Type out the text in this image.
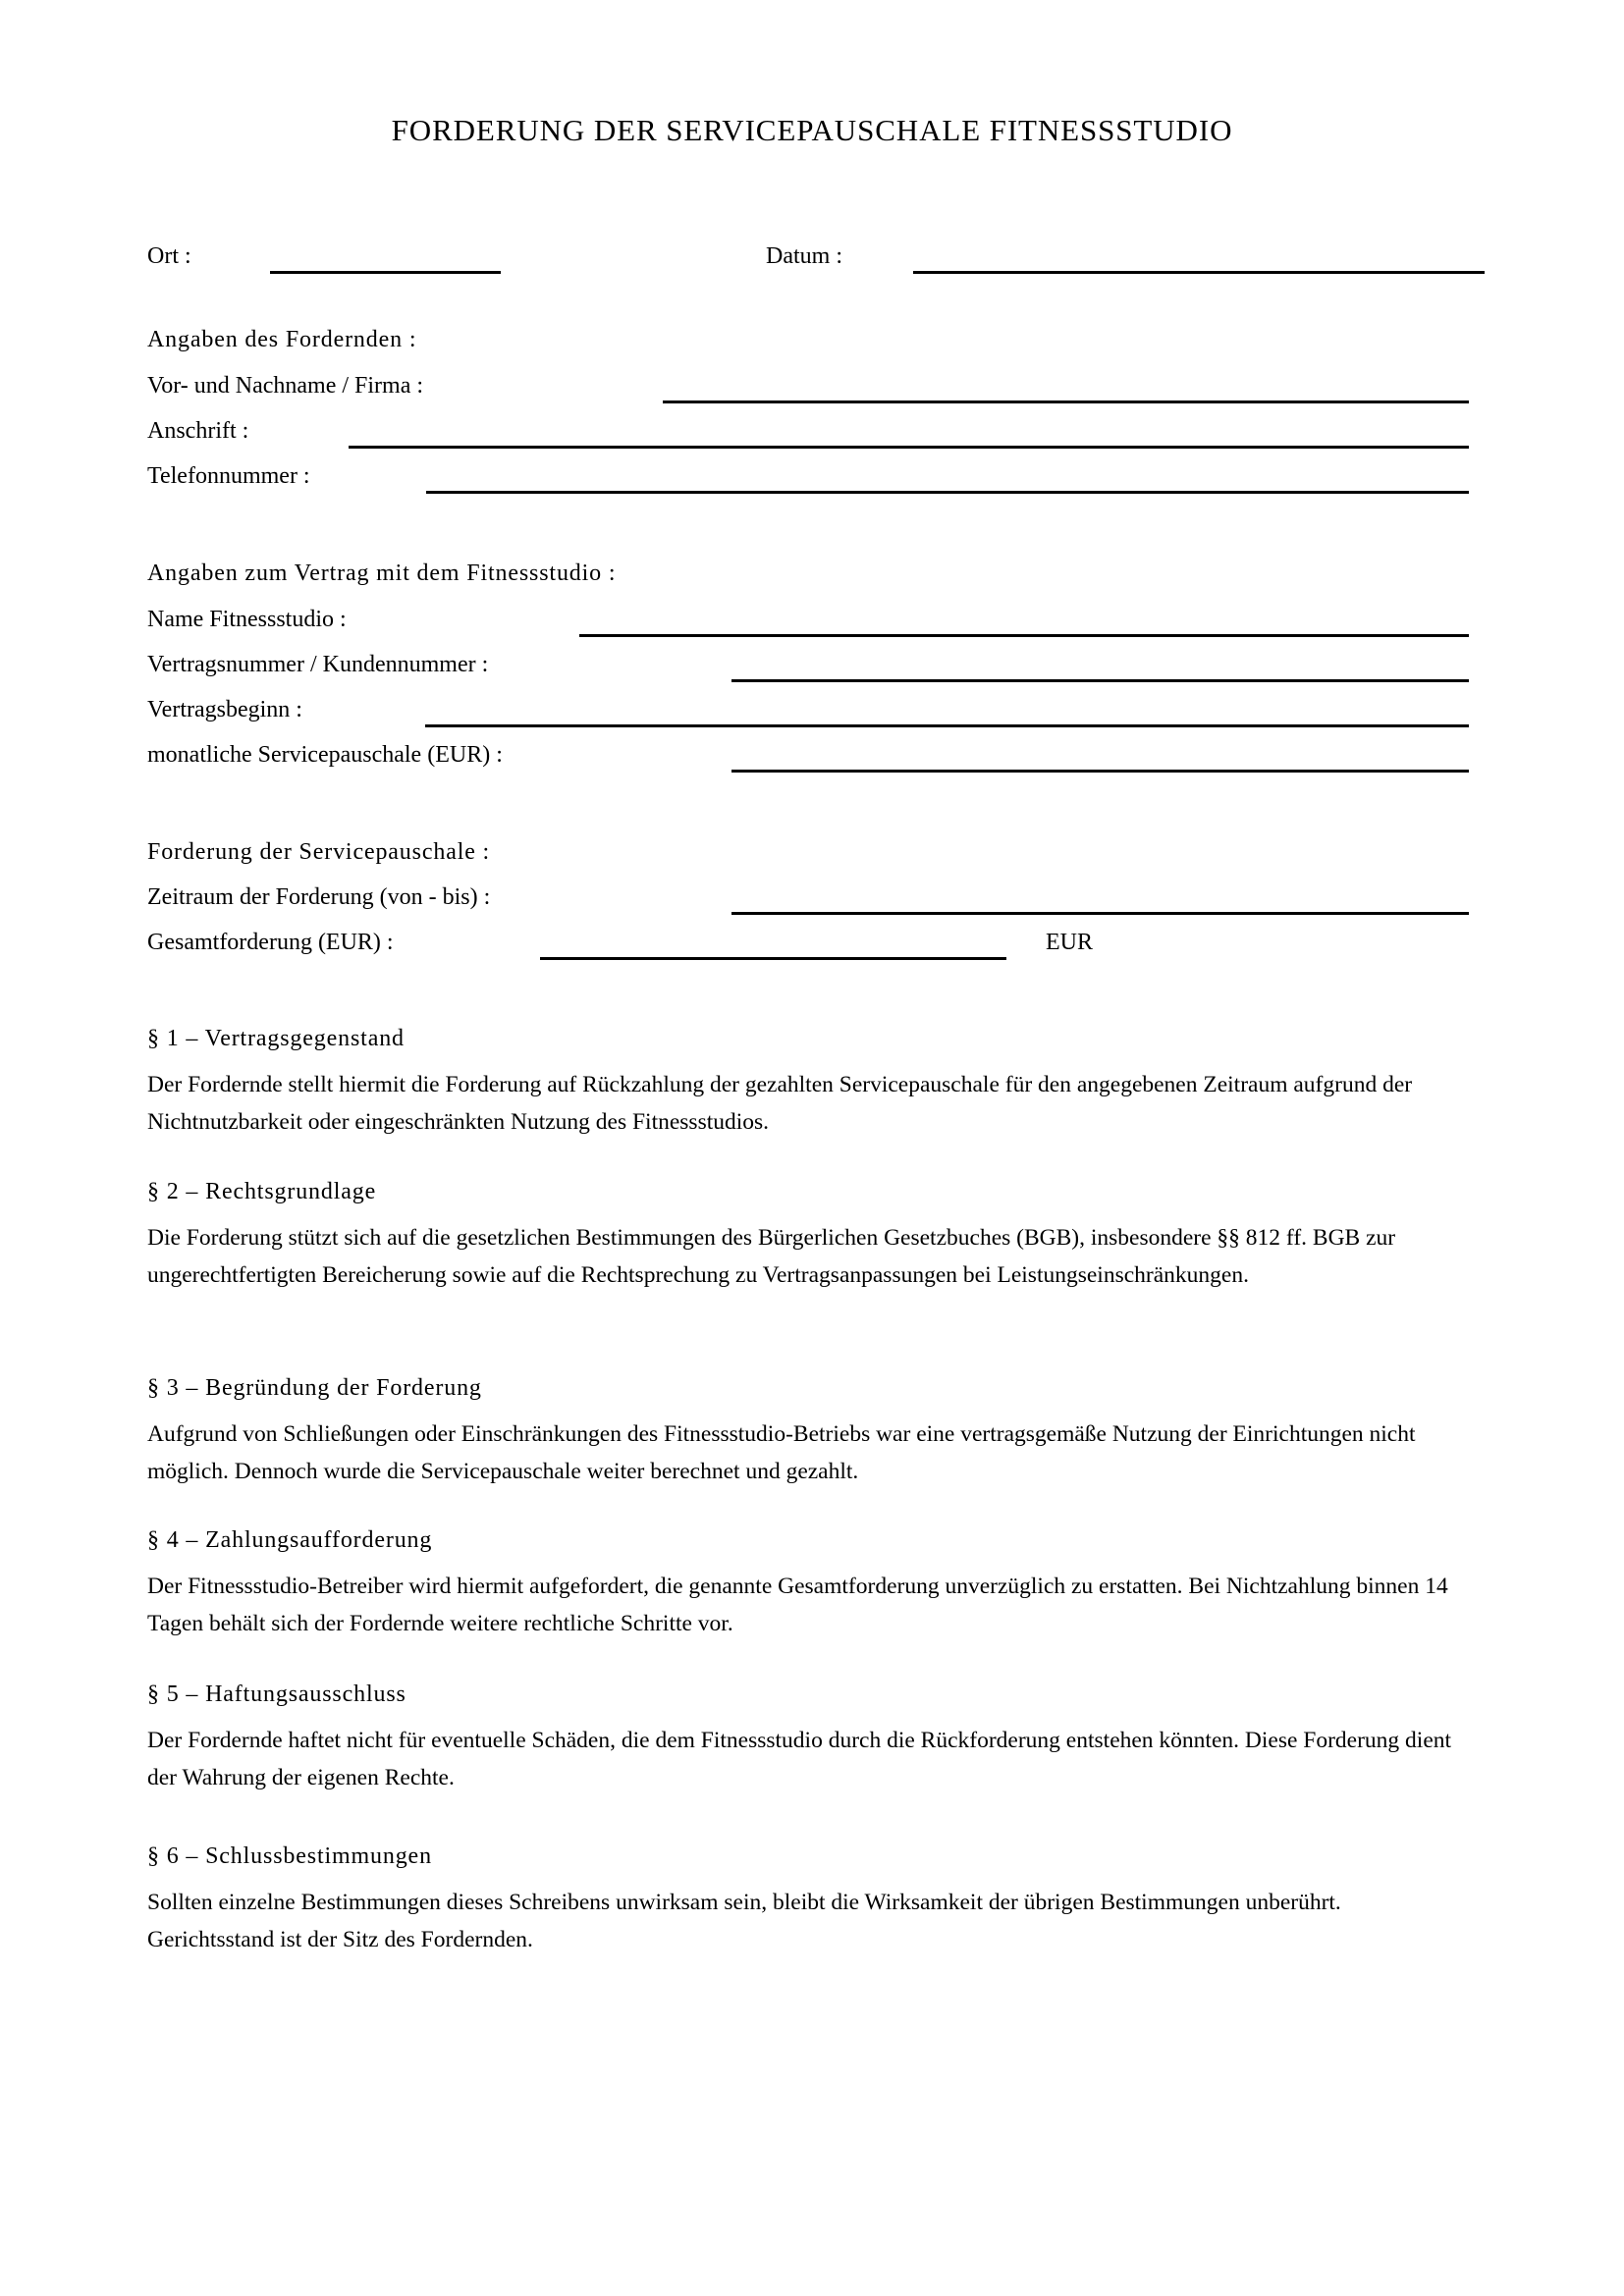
FORDERUNG DER SERVICEPAUSCHALE FITNESSSTUDIO
Ort :	Datum :
Angaben des Fordernden :
Vor- und Nachname / Firma :
Anschrift :
Telefonnummer :
Angaben zum Vertrag mit dem Fitnessstudio :
Name Fitnessstudio :
Vertragsnummer / Kundennummer :
Vertragsbeginn :
monatliche Servicepauschale (EUR) :
Forderung der Servicepauschale :
Zeitraum der Forderung (von - bis) :
Gesamtforderung (EUR) :	EUR

§ 1 – Vertragsgegenstand

Der Fordernde stellt hiermit die Forderung auf Rückzahlung der gezahlten Servicepauschale für den angegebenen Zeitraum aufgrund der Nichtnutzbarkeit oder eingeschränkten Nutzung des Fitnessstudios.

§ 2 – Rechtsgrundlage

Die Forderung stützt sich auf die gesetzlichen Bestimmungen des Bürgerlichen Gesetzbuches (BGB), insbesondere §§ 812 ff. BGB zur ungerechtfertigten Bereicherung sowie auf die Rechtsprechung zu Vertragsanpassungen bei Leistungseinschränkungen.

§ 3 – Begründung der Forderung

Aufgrund von Schließungen oder Einschränkungen des Fitnessstudio-Betriebs war eine vertragsgemäße Nutzung der Einrichtungen nicht möglich. Dennoch wurde die Servicepauschale weiter berechnet und gezahlt.

§ 4 – Zahlungsaufforderung

Der Fitnessstudio-Betreiber wird hiermit aufgefordert, die genannte Gesamtforderung unverzüglich zu erstatten. Bei Nichtzahlung binnen 14 Tagen behält sich der Fordernde weitere rechtliche Schritte vor.

§ 5 – Haftungsausschluss

Der Fordernde haftet nicht für eventuelle Schäden, die dem Fitnessstudio durch die Rückforderung entstehen könnten. Diese Forderung dient der Wahrung der eigenen Rechte.

§ 6 – Schlussbestimmungen

Sollten einzelne Bestimmungen dieses Schreibens unwirksam sein, bleibt die Wirksamkeit der übrigen Bestimmungen unberührt. Gerichtsstand ist der Sitz des Fordernden.
